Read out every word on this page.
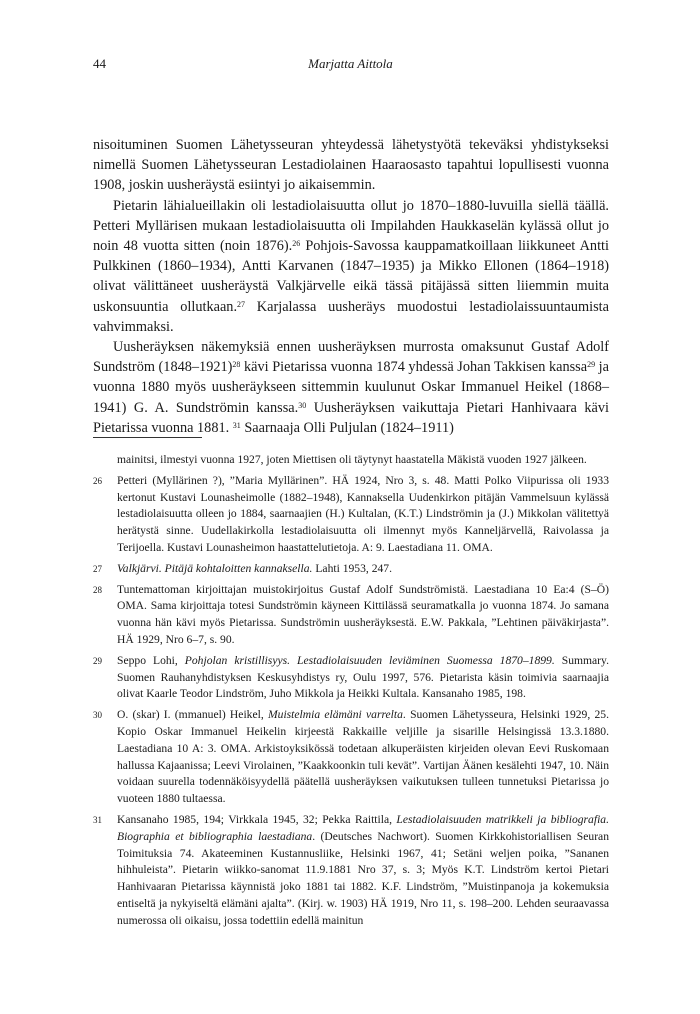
44	Marjatta Aittola

nisoituminen Suomen Lähetysseuran yhteydessä lähetystyötä tekeväksi yhdistykseksi nimellä Suomen Lähetysseuran Lestadiolainen Haaraosasto tapahtui lopullisesti vuonna 1908, joskin uusheräystä esiintyi jo aikaisemmin.

Pietarin lähialueillakin oli lestadiolaisuutta ollut jo 1870–1880-luvuilla siellä täällä. Petteri Myllärisen mukaan lestadiolaisuutta oli Impilahden Haukkaselän kylässä ollut jo noin 48 vuotta sitten (noin 1876).$^{26}$ Pohjois-Savossa kauppamatkoillaan liikkuneet Antti Pulkkinen (1860–1934), Antti Karvanen (1847–1935) ja Mikko Ellonen (1864–1918) olivat välittäneet uusheräystä Valkjärvelle eikä tässä pitäjässä sitten liiemmin muita uskonsuuntia ollutkaan.$^{27}$ Karjalassa uusheräys muodostui lestadiolaissuuntaumista vahvimmaksi.

Uusheräyksen näkemyksiä ennen uusheräyksen murrosta omaksunut Gustaf Adolf Sundström (1848–1921)$^{28}$ kävi Pietarissa vuonna 1874 yhdessä Johan Takkisen kanssa$^{29}$ ja vuonna 1880 myös uusheräykseen sittemmin kuulunut Oskar Immanuel Heikel (1868–1941) G. A. Sundströmin kanssa.$^{30}$ Uusheräyksen vaikuttaja Pietari Hanhivaara kävi Pietarissa vuonna 1881. $^{31}$ Saarnaaja Olli Puljulan (1824–1911)

mainitsi, ilmestyi vuonna 1927, joten Miettisen oli täytynyt haastatella Mäkistä vuoden 1927 jälkeen.
26 Petteri (Myllärinen ?), ”Maria Myllärinen”. HÄ 1924, Nro 3, s. 48. Matti Polko Viipurissa oli 1933 kertonut Kustavi Lounasheimolle (1882–1948), Kannaksella Uudenkirkon pitäjän Vammelsuun kylässä lestadiolaisuutta olleen jo 1884, saarnaajien (H.) Kultalan, (K.T.) Lindströmin ja (J.) Mikkolan välitettyä herätystä sinne. Uudellakirkolla lestadiolaisuutta oli ilmennyt myös Kanneljärvellä, Raivolassa ja Terijoella. Kustavi Lounasheimon haastattelutietoja. A: 9. Laestadiana 11. OMA.
27 Valkjärvi. Pitäjä kohtaloitten kannaksella. Lahti 1953, 247.
28 Tuntemattoman kirjoittajan muistokirjoitus Gustaf Adolf Sundströmistä. Laestadiana 10 Ea:4 (S–Ö) OMA. Sama kirjoittaja totesi Sundströmin käyneen Kittilässä seuramatkalla jo vuonna 1874. Jo samana vuonna hän kävi myös Pietarissa. Sundströmin uusheräyksestä. E.W. Pakkala, ”Lehtinen päiväkirjasta”. HÄ 1929, Nro 6–7, s. 90.
29 Seppo Lohi, Pohjolan kristillisyys. Lestadiolaisuuden leviäminen Suomessa 1870–1899. Summary. Suomen Rauhanyhdistyksen Keskusyhdistys ry, Oulu 1997, 576. Pietarista käsin toimivia saarnaajia olivat Kaarle Teodor Lindström, Juho Mikkola ja Heikki Kultala. Kansanaho 1985, 198.
30 O. (skar) I. (mmanuel) Heikel, Muistelmia elämäni varrelta. Suomen Lähetysseura, Helsinki 1929, 25. Kopio Oskar Immanuel Heikelin kirjeestä Rakkaille veljille ja sisarille Helsingissä 13.3.1880. Laestadiana 10 A: 3. OMA. Arkistoyksikössä todetaan alkuperäisten kirjeiden olevan Eevi Ruskomaan hallussa Kajaanissa; Leevi Virolainen, ”Kaakkoonkin tuli kevät”. Vartijan Äänen kesälehti 1947, 10. Näin voidaan suurella todennäköisyydellä päätellä uusheräyksen vaikutuksen tulleen tunnetuksi Pietarissa jo vuoteen 1880 tultaessa.
31 Kansanaho 1985, 194; Virkkala 1945, 32; Pekka Raittila, Lestadiolaisuuden matrikkeli ja bibliografia. Biographia et bibliographia laestadiana. (Deutsches Nachwort). Suomen Kirkkohistoriallisen Seuran Toimituksia 74. Akateeminen Kustannusliike, Helsinki 1967, 41; Setäni weljen poika, ”Sananen hihhuleista”. Pietarin wiikko-sanomat 11.9.1881 Nro 37, s. 3; Myös K.T. Lindström kertoi Pietari Hanhivaaran Pietarissa käynnistä joko 1881 tai 1882. K.F. Lindström, ”Muistinpanoja ja kokemuksia entiseltä ja nykyiseltä elämäni ajalta”. (Kirj. w. 1903) HÄ 1919, Nro 11, s. 198–200. Lehden seuraavassa numerossa oli oikaisu, jossa todettiin edellä mainitun
